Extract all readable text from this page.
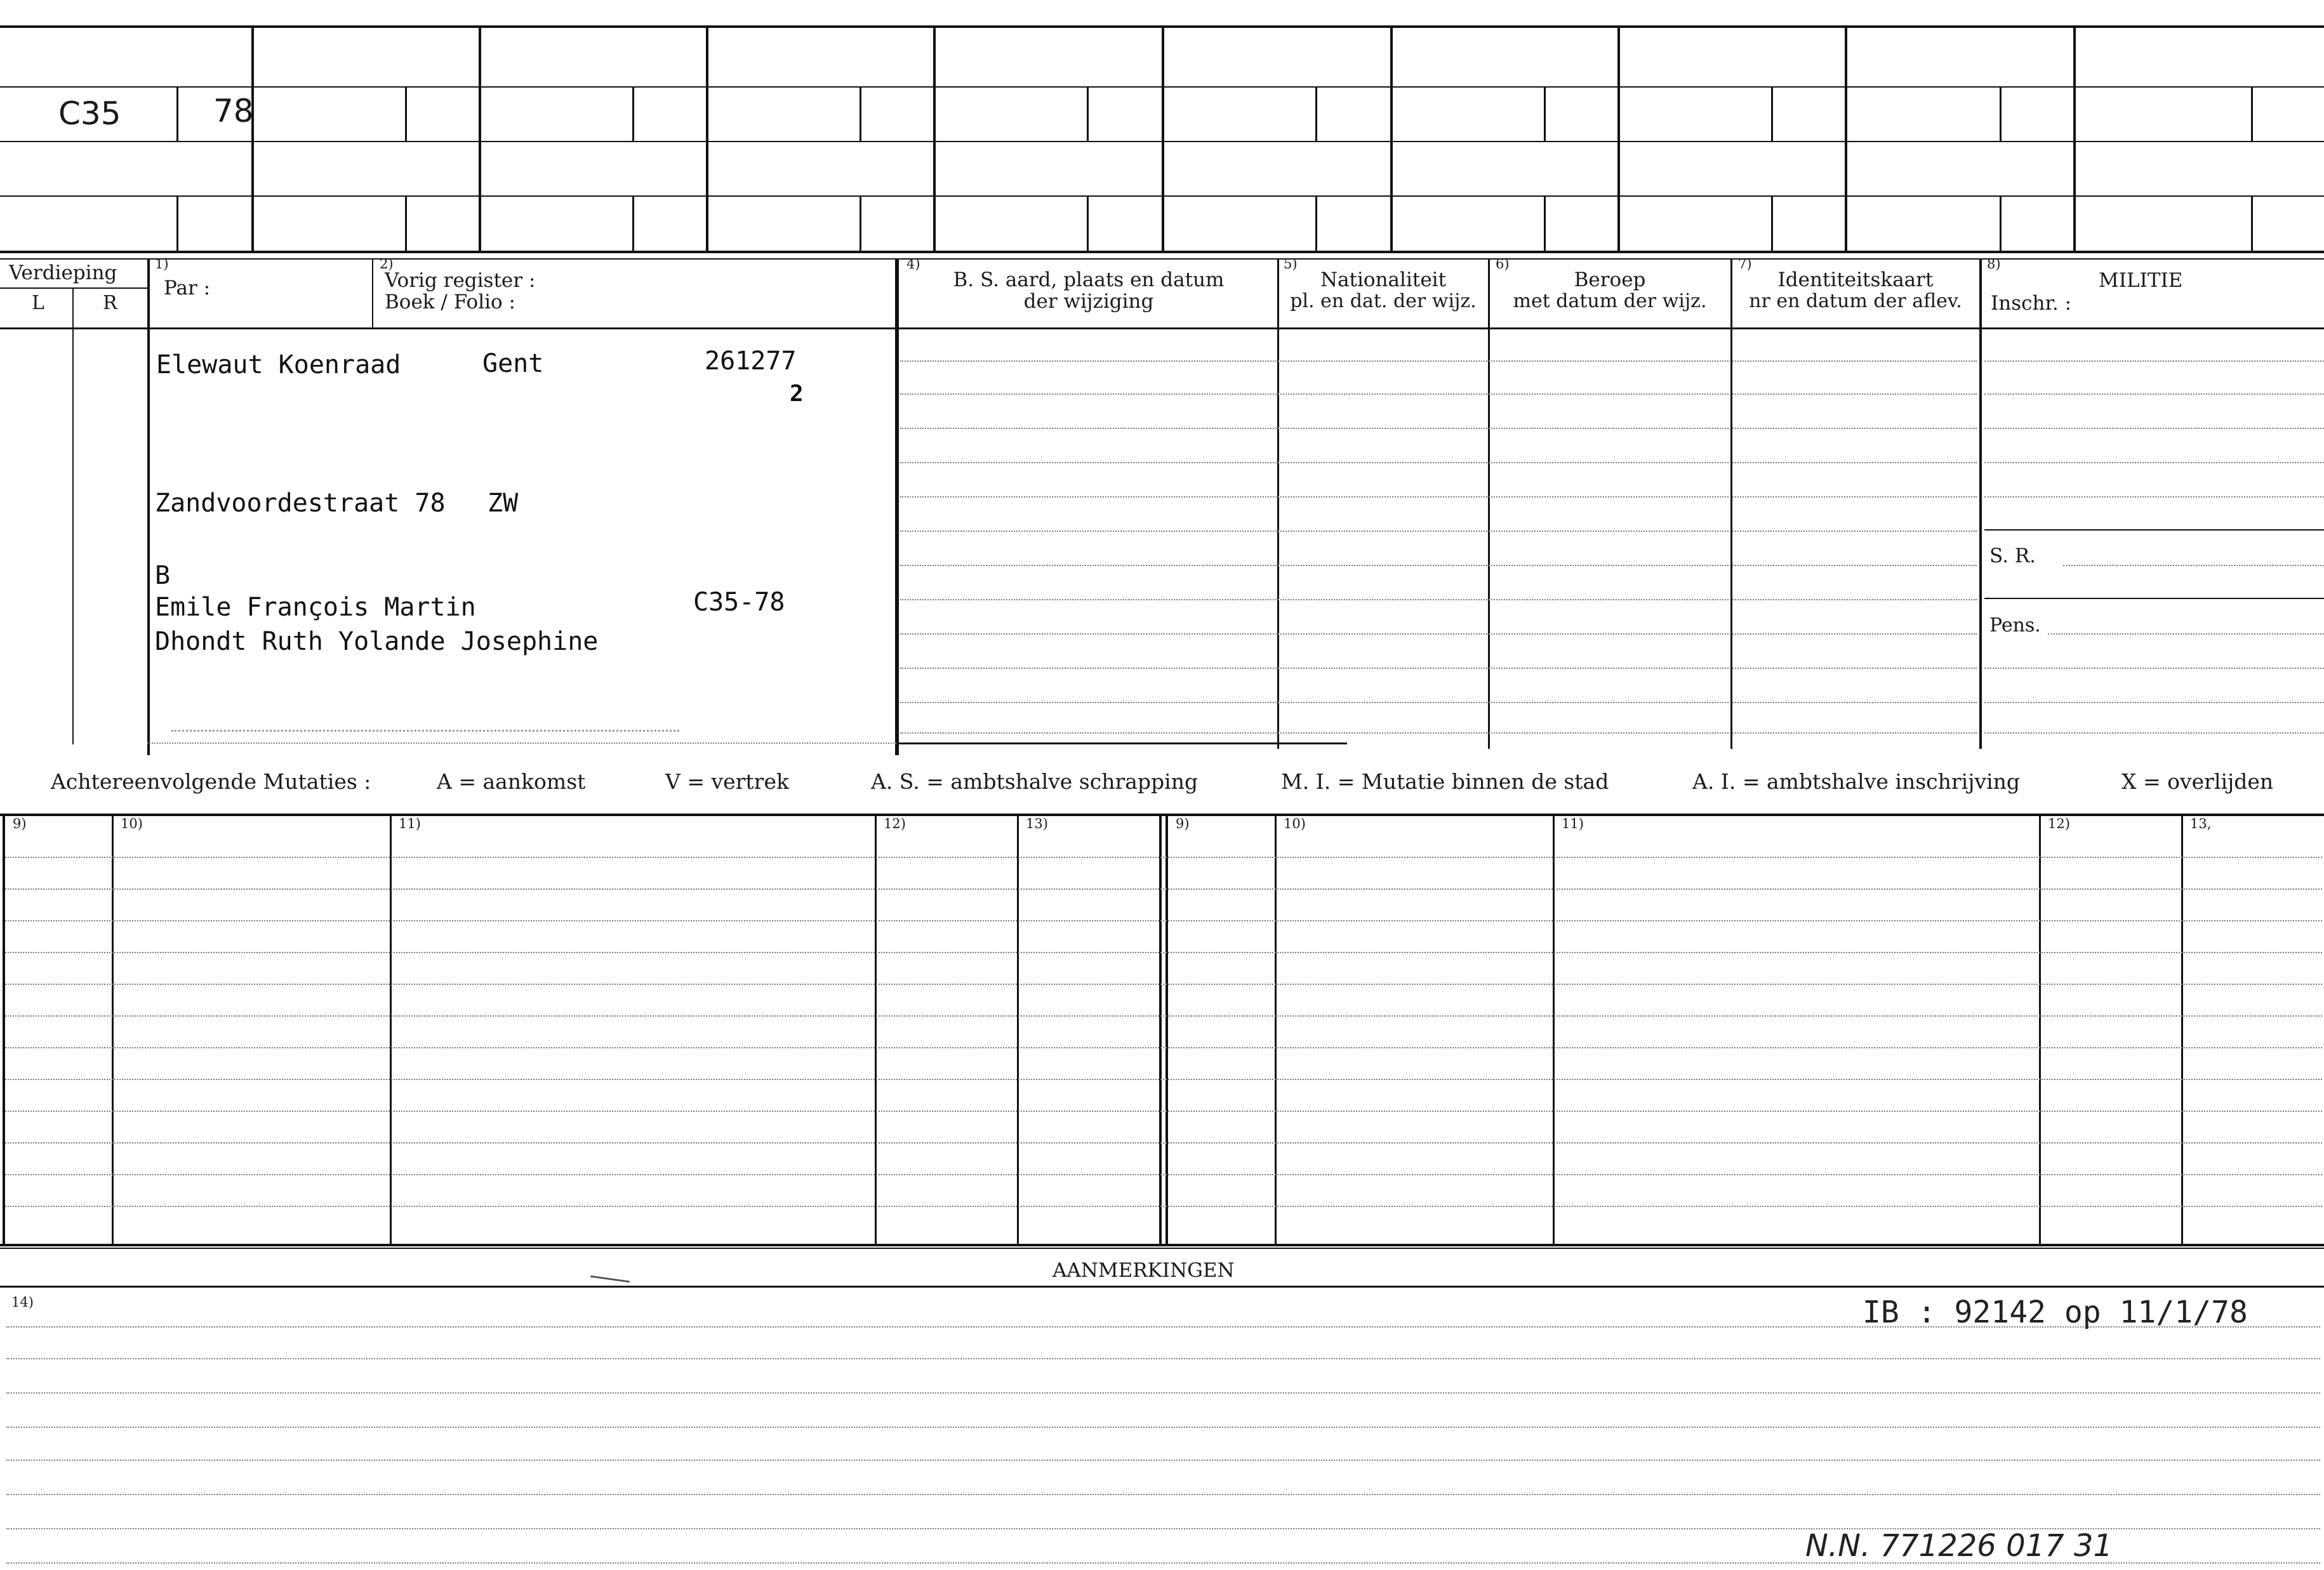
C35	78
Verdieping
L	R
1)
Par :
2)
Vorig register :
Boek / Folio :
4)
B. S. aard, plaats en datum
der wijziging
5)
Nationaliteit
pl. en dat. der wijz.
6)
Beroep
met datum der wijz.
7)
Identiteitskaart
nr en datum der aflev.
8)
MILITIE
Inschr. :
S. R.
Pens.
Elewaut Koenraad	Gent	261277
2
Zandvoordestraat 78 ZW
B
Emile François Martin	C35-78
Dhondt Ruth Yolande Josephine
Achtereenvolgende Mutaties :	A = aankomst	V = vertrek	A. S. = ambtshalve schrapping	M. I. = Mutatie binnen de stad	A. I. = ambtshalve inschrijving	X = overlijden
9)	10)	11)	12)	13)	9)	10)	11)	12)	13,
AANMERKINGEN
14)	IB : 92142 op 11/1/78
N.N. 771226 017 31
